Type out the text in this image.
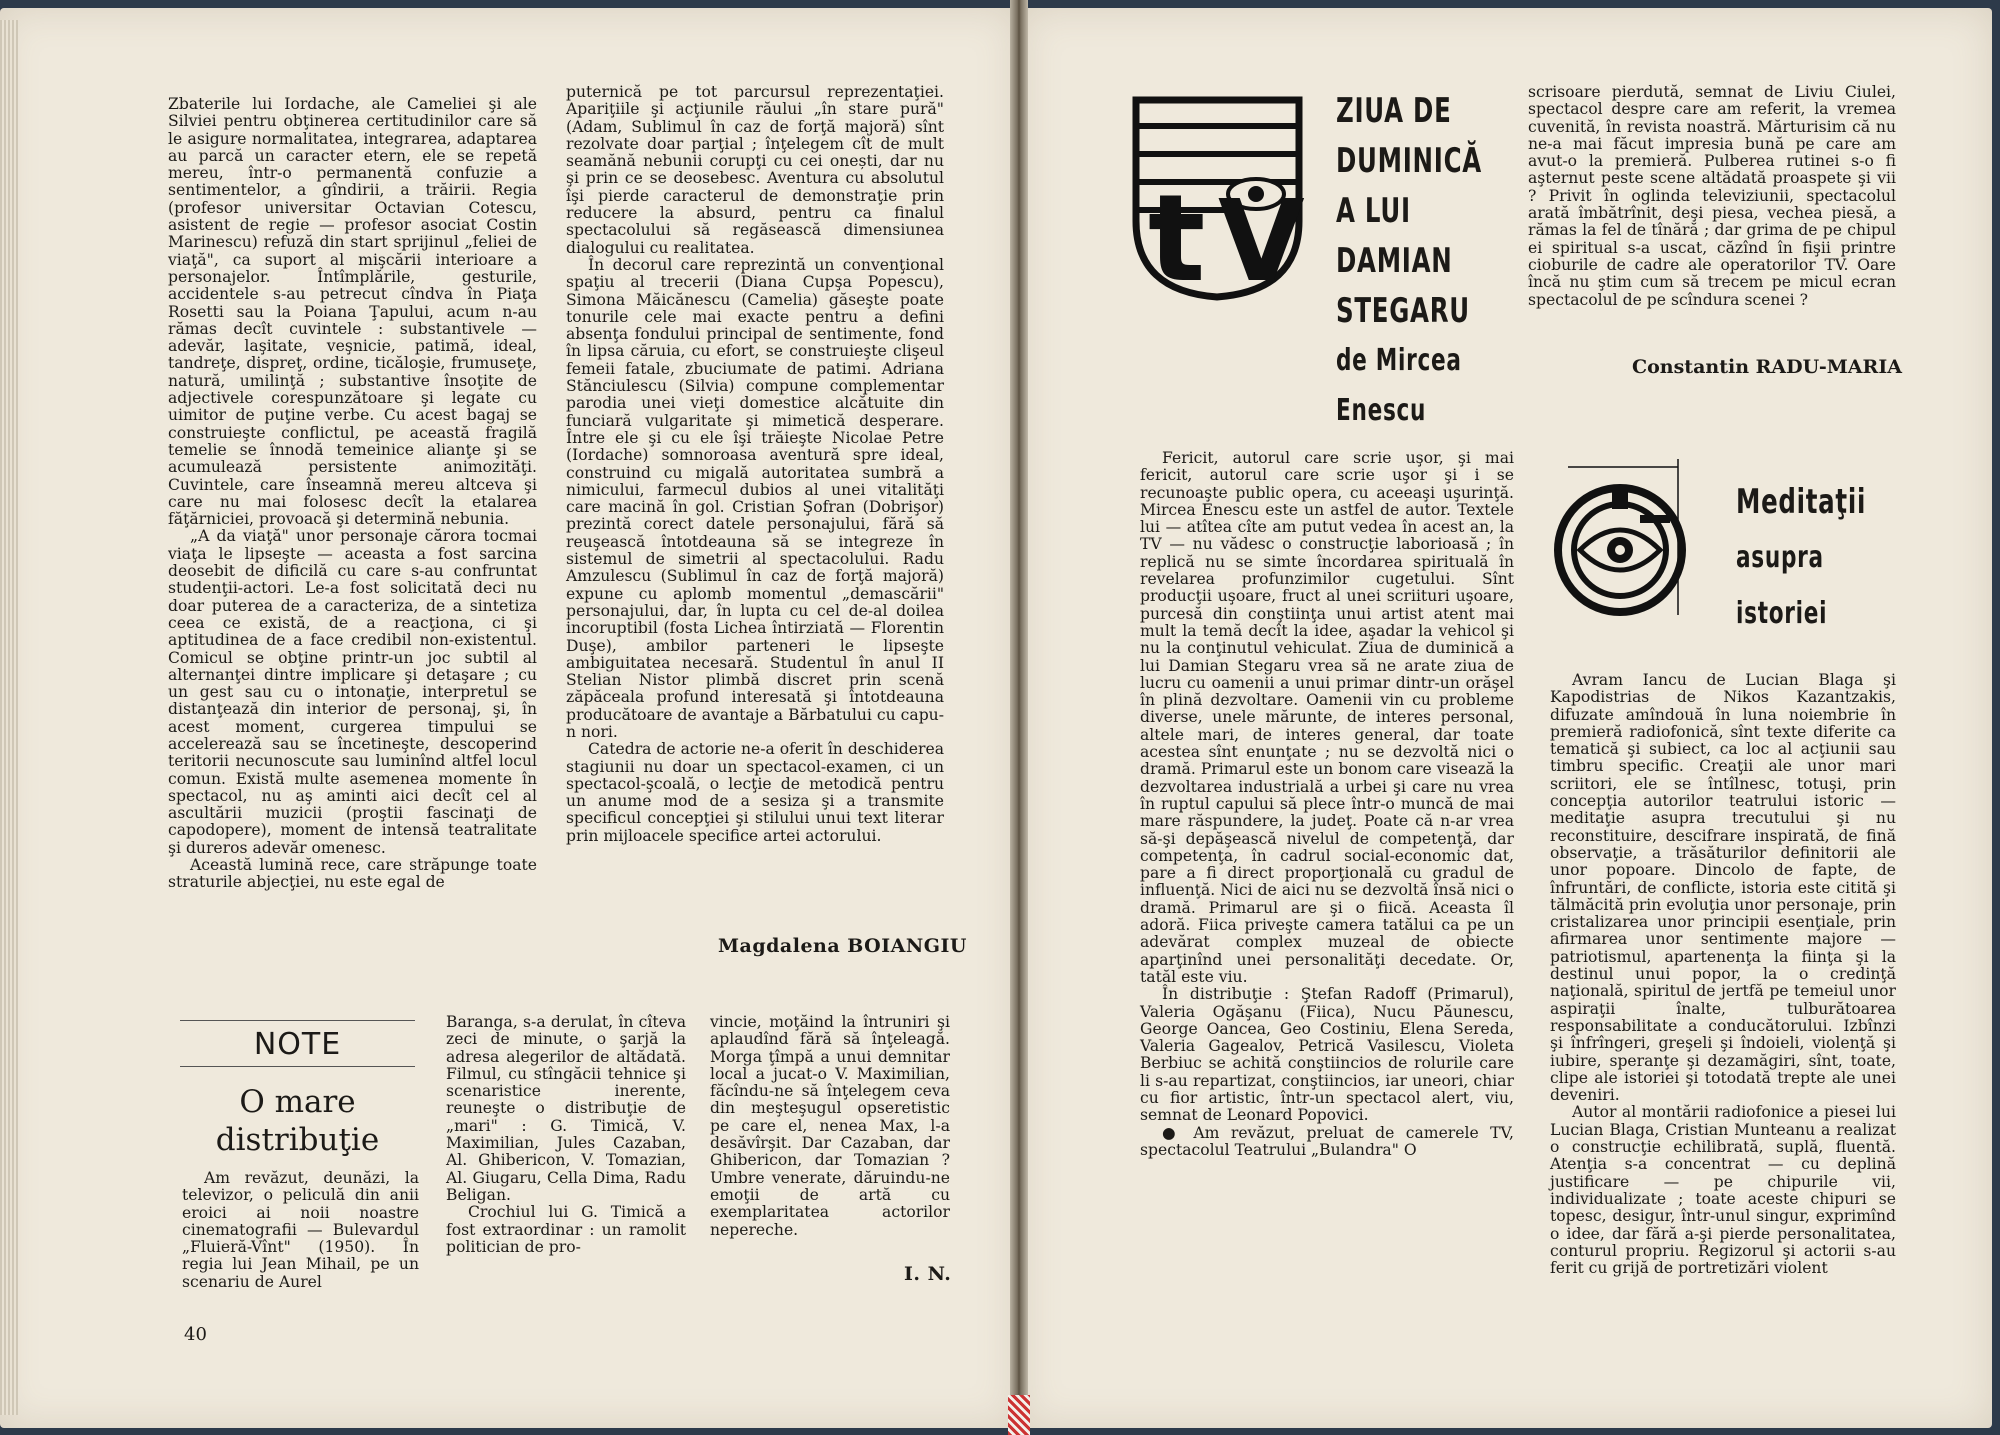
Zbaterile lui Iordache, ale Cameliei şi ale Silviei pentru obţinerea certitudinilor care să le asigure normalitatea, integrarea, adaptarea au parcă un caracter etern, ele se repetă mereu, într-o permanentă confuzie a sentimentelor, a gîndirii, a trăirii. Regia (profesor universitar Octavian Cotescu, asistent de regie — profesor asociat Costin Marinescu) refuză din start sprijinul „feliei de viaţă", ca suport al mişcării interioare a personajelor. Întîmplările, gesturile, accidentele s-au petrecut cîndva în Piaţa Rosetti sau la Poiana Ţapului, acum n-au rămas decît cuvintele : substantivele — adevăr, laşitate, veşnicie, patimă, ideal, tandreţe, dispreţ, ordine, ticăloşie, frumuseţe, natură, umilinţă ; substantive însoţite de adjectivele corespunzătoare şi legate cu uimitor de puţine verbe. Cu acest bagaj se construieşte conflictul, pe această fragilă temelie se înnodă temeinice alianţe şi se acumulează persistente animozităţi. Cuvintele, care înseamnă mereu altceva şi care nu mai folosesc decît la etalarea făţărniciei, provoacă şi determină nebunia.

„A da viaţă" unor personaje cărora tocmai viaţa le lipseşte — aceasta a fost sarcina deosebit de dificilă cu care s-au confruntat studenţii-actori. Le-a fost solicitată deci nu doar puterea de a caracteriza, de a sintetiza ceea ce există, de a reacţiona, ci şi aptitudinea de a face credibil non-existentul. Comicul se obţine printr-un joc subtil al alternanţei dintre implicare şi detaşare ; cu un gest sau cu o intonaţie, interpretul se distanţează din interior de personaj, şi, în acest moment, curgerea timpului se accelerează sau se încetineşte, descoperind teritorii necunoscute sau luminînd altfel locul comun. Există multe asemenea momente în spectacol, nu aş aminti aici decît cel al ascultării muzicii (proştii fascinaţi de capodopere), moment de intensă teatralitate şi dureros adevăr omenesc.

Această lumină rece, care străpunge toate straturile abjecţiei, nu este egal de

puternică pe tot parcursul reprezentaţiei. Apariţiile şi acţiunile răului „în stare pură" (Adam, Sublimul în caz de forţă majoră) sînt rezolvate doar parţial ; înţelegem cît de mult seamănă nebunii corupţi cu cei onești, dar nu şi prin ce se deosebesc. Aventura cu absolutul îşi pierde caracterul de demonstraţie prin reducere la absurd, pentru ca finalul spectacolului să regăsească dimensiunea dialogului cu realitatea.

În decorul care reprezintă un convenţional spaţiu al trecerii (Diana Cupşa Popescu), Simona Măicănescu (Camelia) găseşte poate tonurile cele mai exacte pentru a defini absenţa fondului principal de sentimente, fond în lipsa căruia, cu efort, se construieşte clişeul femeii fatale, zbuciumate de patimi. Adriana Stănciulescu (Silvia) compune complementar parodia unei vieţi domestice alcătuite din funciară vulgaritate şi mimetică desperare. Între ele şi cu ele îşi trăieşte Nicolae Petre (Iordache) somnoroasa aventură spre ideal, construind cu migală autoritatea sumbră a nimicului, farmecul dubios al unei vitalităţi care macină în gol. Cristian Şofran (Dobrişor) prezintă corect datele personajului, fără să reuşească întotdeauna să se integreze în sistemul de simetrii al spectacolului. Radu Amzulescu (Sublimul în caz de forţă majoră) expune cu aplomb momentul „demascării" personajului, dar, în lupta cu cel de-al doilea incoruptibil (fosta Lichea întirziată — Florentin Duşe), ambilor parteneri le lipseşte ambiguitatea necesară. Studentul în anul II Stelian Nistor plimbă discret prin scenă zăpăceala profund interesată şi întotdeauna producătoare de avantaje a Bărbatului cu capu-n nori.

Catedra de actorie ne-a oferit în deschiderea stagiunii nu doar un spectacol-examen, ci un spectacol-şcoală, o lecţie de metodică pentru un anume mod de a sesiza şi a transmite specificul concepţiei şi stilului unui text literar prin mijloacele specifice artei actorului.

Magdalena BOIANGIU
NOTE
O mare distribuţie

Am revăzut, deunăzi, la televizor, o peliculă din anii eroici ai noii noastre cinematografii — Bulevardul „Fluieră-Vînt" (1950). În regia lui Jean Mihail, pe un scenariu de Aurel

Baranga, s-a derulat, în cîteva zeci de minute, o şarjă la adresa alegerilor de altădată. Filmul, cu stîngăcii tehnice şi scenaristice inerente, reuneşte o distribuţie de „mari" : G. Timică, V. Maximilian, Jules Cazaban, Al. Ghibericon, V. Tomazian, Al. Giugaru, Cella Dima, Radu Beligan.

Crochiul lui G. Timică a fost extraordinar : un ramolit politician de pro-

vincie, moţăind la întruniri şi aplaudînd fără să înţeleagă. Morga ţîmpă a unui demnitar local a jucat-o V. Maximilian, făcîndu-ne să înţelegem ceva din meşteşugul opseretistic pe care el, nenea Max, l-a desăvîrşit. Dar Cazaban, dar Ghibericon, dar Tomazian ? Umbre venerate, dăruindu-ne emoţii de artă cu exemplaritatea actorilor nepereche.

I. N.
40
t V
ZIUA DE
DUMINICĂ
A LUI
DAMIAN
STEGARU
de Mircea
Enescu

Fericit, autorul care scrie uşor, şi mai fericit, autorul care scrie uşor şi i se recunoaşte public opera, cu aceeaşi uşurinţă. Mircea Enescu este un astfel de autor. Textele lui — atîtea cîte am putut vedea în acest an, la TV — nu vădesc o construcţie laborioasă ; în replică nu se simte încordarea spirituală în revelarea profunzimilor cugetului. Sînt producţii uşoare, fruct al unei scriituri uşoare, purcesă din conştiinţa unui artist atent mai mult la temă decît la idee, aşadar la vehicol şi nu la conţinutul vehiculat. Ziua de duminică a lui Damian Stegaru vrea să ne arate ziua de lucru cu oamenii a unui primar dintr-un orăşel în plină dezvoltare. Oamenii vin cu probleme diverse, unele mărunte, de interes personal, altele mari, de interes general, dar toate acestea sînt enunţate ; nu se dezvoltă nici o dramă. Primarul este un bonom care visează la dezvoltarea industrială a urbei şi care nu vrea în ruptul capului să plece într-o muncă de mai mare răspundere, la judeţ. Poate că n-ar vrea să-şi depăşească nivelul de competenţă, dar competenţa, în cadrul social-economic dat, pare a fi direct proporţională cu gradul de influenţă. Nici de aici nu se dezvoltă însă nici o dramă. Primarul are şi o fiică. Aceasta îl adoră. Fiica priveşte camera tatălui ca pe un adevărat complex muzeal de obiecte aparţinînd unei personalităţi decedate. Or, tatăl este viu.

În distribuţie : Ştefan Radoff (Primarul), Valeria Ogăşanu (Fiica), Nucu Păunescu, George Oancea, Geo Costiniu, Elena Sereda, Valeria Gagealov, Petrică Vasilescu, Violeta Berbiuc se achită conştiincios de rolurile care li s-au repartizat, conştiincios, iar uneori, chiar cu fior artistic, într-un spectacol alert, viu, semnat de Leonard Popovici.

● Am revăzut, preluat de camerele TV, spectacolul Teatrului „Bulandra" O

scrisoare pierdută, semnat de Liviu Ciulei, spectacol despre care am referit, la vremea cuvenită, în revista noastră. Mărturisim că nu ne-a mai făcut impresia bună pe care am avut-o la premieră. Pulberea rutinei s-o fi aşternut peste scene altădată proaspete şi vii ? Privit în oglinda televiziunii, spectacolul arată îmbătrînit, deşi piesa, vechea piesă, a rămas la fel de tînără ; dar grima de pe chipul ei spiritual s-a uscat, căzînd în fişii printre cioburile de cadre ale operatorilor TV. Oare încă nu ştim cum să trecem pe micul ecran spectacolul de pe scîndura scenei ?

Constantin RADU-MARIA
Meditaţii
asupra
istoriei

Avram Iancu de Lucian Blaga şi Kapodistrias de Nikos Kazantzakis, difuzate amîndouă în luna noiembrie în premieră radiofonică, sînt texte diferite ca tematică şi subiect, ca loc al acţiunii sau timbru specific. Creaţii ale unor mari scriitori, ele se întîlnesc, totuşi, prin concepţia autorilor teatrului istoric — meditaţie asupra trecutului şi nu reconstituire, descifrare inspirată, de fină observaţie, a trăsăturilor definitorii ale unor popoare. Dincolo de fapte, de înfruntări, de conflicte, istoria este citită şi tălmăcită prin evoluţia unor personaje, prin cristalizarea unor principii esenţiale, prin afirmarea unor sentimente majore — patriotismul, apartenenţa la fiinţa şi la destinul unui popor, la o credinţă naţională, spiritul de jertfă pe temeiul unor aspiraţii înalte, tulburătoarea responsabilitate a conducătorului. Izbînzi şi înfrîngeri, greşeli şi îndoieli, violenţă şi iubire, speranţe şi dezamăgiri, sînt, toate, clipe ale istoriei şi totodată trepte ale unei deveniri.

Autor al montării radiofonice a piesei lui Lucian Blaga, Cristian Munteanu a realizat o construcţie echilibrată, suplă, fluentă. Atenţia s-a concentrat — cu deplină justificare — pe chipurile vii, individualizate ; toate aceste chipuri se topesc, desigur, într-unul singur, exprimînd o idee, dar fără a-şi pierde personalitatea, conturul propriu. Regizorul şi actorii s-au ferit cu grijă de portretizări violent
